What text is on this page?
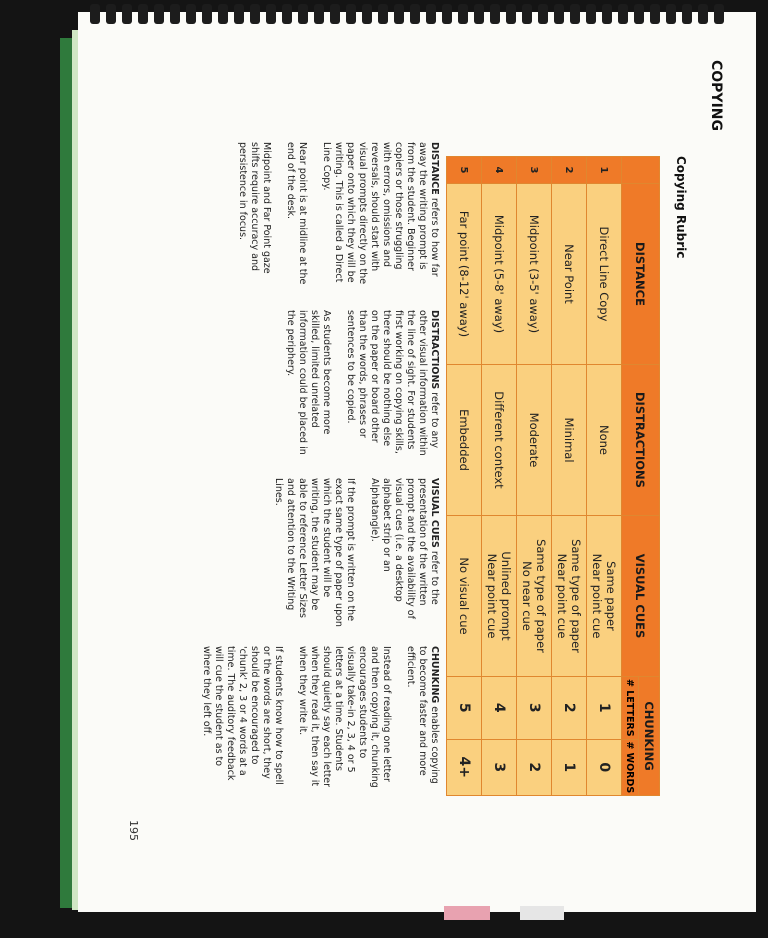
COPYING
Copying Rubric
	DISTANCE	DISTRACTIONS	VISUAL CUES	CHUNKING	
				# LETTERS	# WORDS
1	Direct Line Copy	None	Same paper
Near point cue	1	0
2	Near Point	Minimal	Same type of paper
Near point cue	2	1
3	Midpoint (3-5' away)	Moderate	Same type of paper
No near cue	3	2
4	Midpoint (5-8' away)	Different context	Unlined prompt
Near point cue	4	3
5	Far point (8-12' away)	Embedded	No visual cue	5	4+

DISTANCE refers to how far away the writing prompt is from the student. Beginner copiers or those struggling with errors, omissions and reversals, should start with visual prompts directly on the paper onto which they will be writing. This is called a Direct Line Copy.

Near point is at midline at the end of the desk.

Midpoint and Far Point gaze shifts require accuracy and persistence in focus.

DISTRACTIONS refer to any other visual information within the line of sight. For students first working on copying skills, there should be nothing else on the paper or board other than the words, phrases or sentences to be copied.

As students become more skilled, limited unrelated information could be placed in the periphery.

VISUAL CUES refer to the presentation of the written prompt and the availability of visual cues (i.e. a desktop alphabet strip or an Alphatangle).

If the prompt is written on the exact same type of paper upon which the student will be writing, the student may be able to reference Letter Sizes and attention to the Writing Lines.

CHUNKING enables copying to become faster and more efficient.

Instead of reading one letter and then copying it, chunking encourages students to visually take-in 2, 3, 4 or 5 letters at a time. Students should quietly say each letter when they read it, then say it when they write it.

If students know how to spell or the words are short, they should be encouraged to 'chunk' 2, 3 or 4 words at a time. The auditory feedback will cue the student as to where they left off.

195
